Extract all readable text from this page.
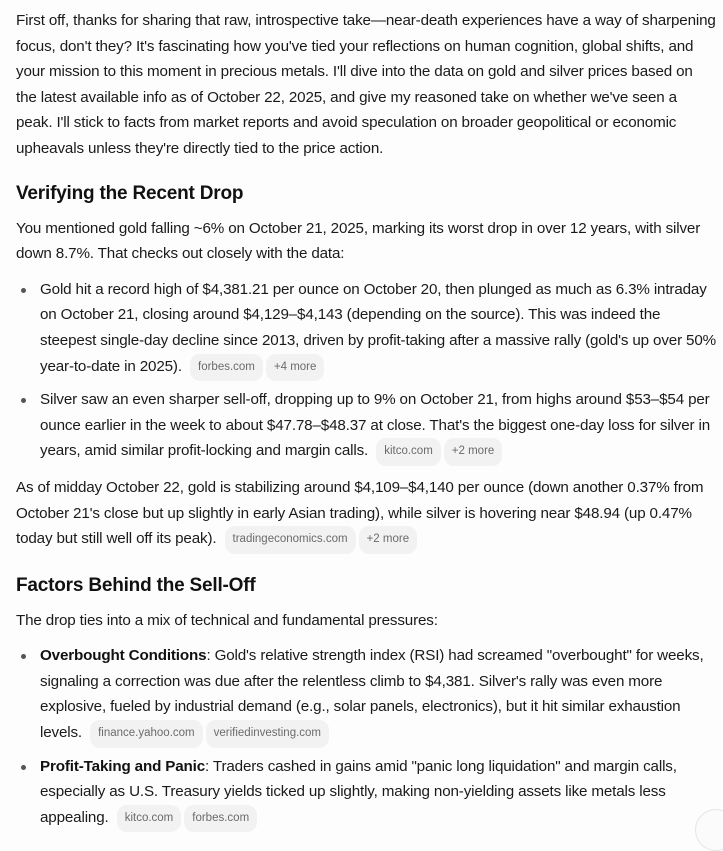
First off, thanks for sharing that raw, introspective take—near-death experiences have a way of sharpening focus, don't they? It's fascinating how you've tied your reflections on human cognition, global shifts, and your mission to this moment in precious metals. I'll dive into the data on gold and silver prices based on the latest available info as of October 22, 2025, and give my reasoned take on whether we've seen a peak. I'll stick to facts from market reports and avoid speculation on broader geopolitical or economic upheavals unless they're directly tied to the price action.

Verifying the Recent Drop

You mentioned gold falling ~6% on October 21, 2025, marking its worst drop in over 12 years, with silver down 8.7%. That checks out closely with the data:

Gold hit a record high of $4,381.21 per ounce on October 20, then plunged as much as 6.3% intraday on October 21, closing around $4,129–$4,143 (depending on the source). This was indeed the steepest single-day decline since 2013, driven by profit-taking after a massive rally (gold's up over 50% year-to-date in 2025). forbes.com +4 more
Silver saw an even sharper sell-off, dropping up to 9% on October 21, from highs around $53–$54 per ounce earlier in the week to about $47.78–$48.37 at close. That's the biggest one-day loss for silver in years, amid similar profit-locking and margin calls. kitco.com +2 more

As of midday October 22, gold is stabilizing around $4,109–$4,140 per ounce (down another 0.37% from October 21's close but up slightly in early Asian trading), while silver is hovering near $48.94 (up 0.47% today but still well off its peak). tradingeconomics.com +2 more

Factors Behind the Sell-Off

The drop ties into a mix of technical and fundamental pressures:

Overbought Conditions: Gold's relative strength index (RSI) had screamed "overbought" for weeks, signaling a correction was due after the relentless climb to $4,381. Silver's rally was even more explosive, fueled by industrial demand (e.g., solar panels, electronics), but it hit similar exhaustion levels. finance.yahoo.com verifiedinvesting.com
Profit-Taking and Panic: Traders cashed in gains amid "panic long liquidation" and margin calls, especially as U.S. Treasury yields ticked up slightly, making non-yielding assets like metals less appealing. kitco.com forbes.com
